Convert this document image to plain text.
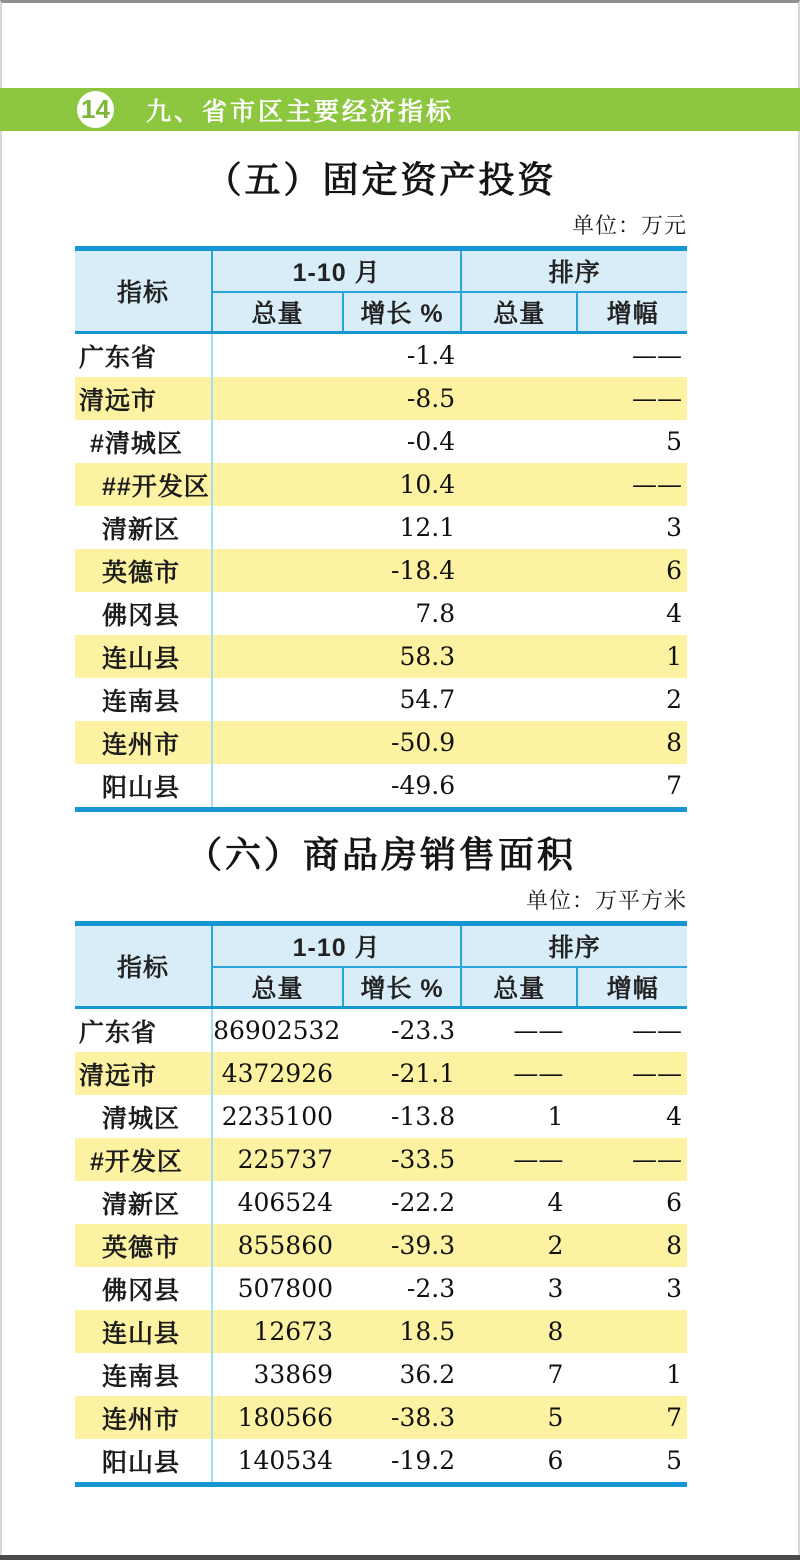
14 九、省市区主要经济指标
（五）固定资产投资
单位：万元
指标	1-10 月		排序	
	总量	增长 %	总量	增幅
广东省		-1.4		——
清远市		-8.5		——
#清城区		-0.4		5
##开发区		10.4		——
清新区		12.1		3
英德市		-18.4		6
佛冈县		7.8		4
连山县		58.3		1
连南县		54.7		2
连州市		-50.9		8
阳山县		-49.6		7
（六）商品房销售面积
单位：万平方米
指标	1-10 月		排序	
	总量	增长 %	总量	增幅
广东省	86902532	-23.3	——	——
清远市	4372926	-21.1	——	——
清城区	2235100	-13.8	1	4
#开发区	225737	-33.5	——	——
清新区	406524	-22.2	4	6
英德市	855860	-39.3	2	8
佛冈县	507800	-2.3	3	3
连山县	12673	18.5	8	
连南县	33869	36.2	7	1
连州市	180566	-38.3	5	7
阳山县	140534	-19.2	6	5
